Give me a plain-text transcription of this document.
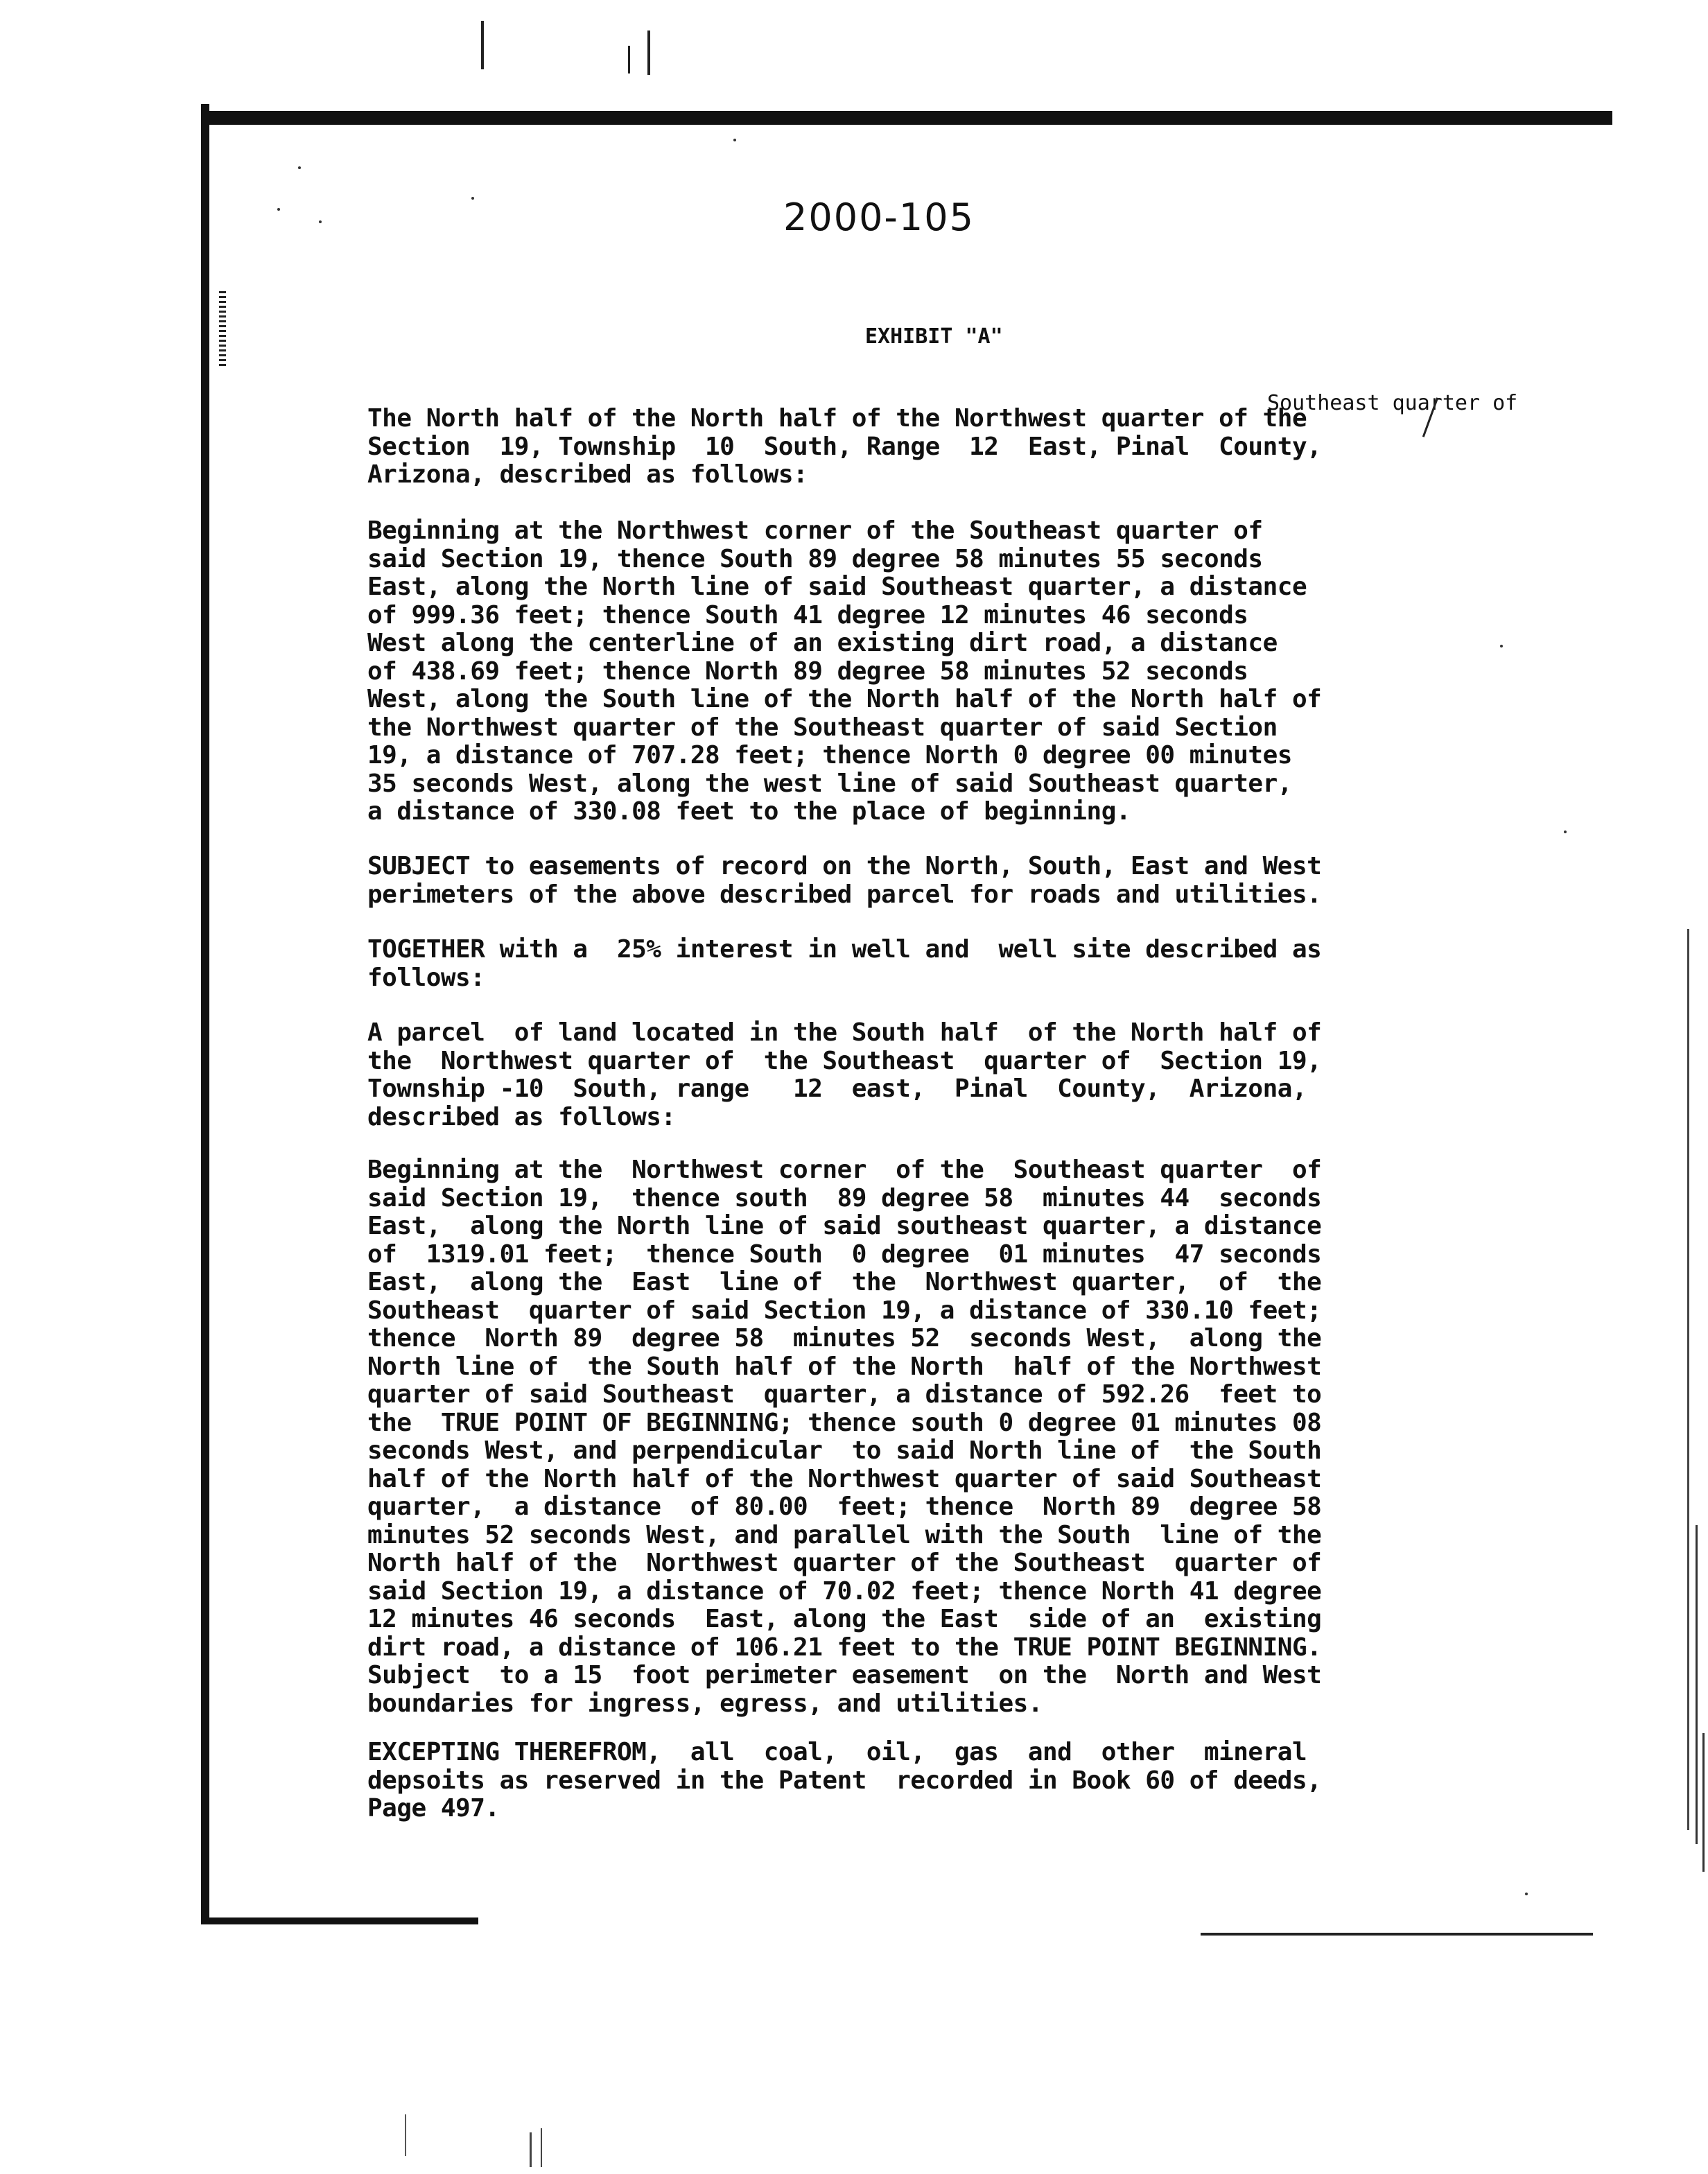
2000-105
EXHIBIT "A"
Southeast quarter of

The North half of the North half of the Northwest quarter of the
Section  19, Township  10  South, Range  12  East, Pinal  County,
Arizona, described as follows:

Beginning at the Northwest corner of the Southeast quarter of
said Section 19, thence South 89 degree 58 minutes 55 seconds
East, along the North line of said Southeast quarter, a distance
of 999.36 feet; thence South 41 degree 12 minutes 46 seconds
West along the centerline of an existing dirt road, a distance
of 438.69 feet; thence North 89 degree 58 minutes 52 seconds
West, along the South line of the North half of the North half of
the Northwest quarter of the Southeast quarter of said Section
19, a distance of 707.28 feet; thence North 0 degree 00 minutes
35 seconds West, along the west line of said Southeast quarter,
a distance of 330.08 feet to the place of beginning.

SUBJECT to easements of record on the North, South, East and West
perimeters of the above described parcel for roads and utilities.

TOGETHER with a  25% interest in well and  well site described as
follows:

A parcel  of land located in the South half  of the North half of
the  Northwest quarter of  the Southeast  quarter of  Section 19,
Township -10  South, range   12  east,  Pinal  County,  Arizona,
described as follows:

Beginning at the  Northwest corner  of the  Southeast quarter  of
said Section 19,  thence south  89 degree 58  minutes 44  seconds
East,  along the North line of said southeast quarter, a distance
of  1319.01 feet;  thence South  0 degree  01 minutes  47 seconds
East,  along the  East  line of  the  Northwest quarter,  of  the
Southeast  quarter of said Section 19, a distance of 330.10 feet;
thence  North 89  degree 58  minutes 52  seconds West,  along the
North line of  the South half of the North  half of the Northwest
quarter of said Southeast  quarter, a distance of 592.26  feet to
the  TRUE POINT OF BEGINNING; thence south 0 degree 01 minutes 08
seconds West, and perpendicular  to said North line of  the South
half of the North half of the Northwest quarter of said Southeast
quarter,  a distance  of 80.00  feet; thence  North 89  degree 58
minutes 52 seconds West, and parallel with the South  line of the
North half of the  Northwest quarter of the Southeast  quarter of
said Section 19, a distance of 70.02 feet; thence North 41 degree
12 minutes 46 seconds  East, along the East  side of an  existing
dirt road, a distance of 106.21 feet to the TRUE POINT BEGINNING.
Subject  to a 15  foot perimeter easement  on the  North and West
boundaries for ingress, egress, and utilities.

EXCEPTING THEREFROM,  all  coal,  oil,  gas  and  other  mineral
depsoits as reserved in the Patent  recorded in Book 60 of deeds,
Page 497.
